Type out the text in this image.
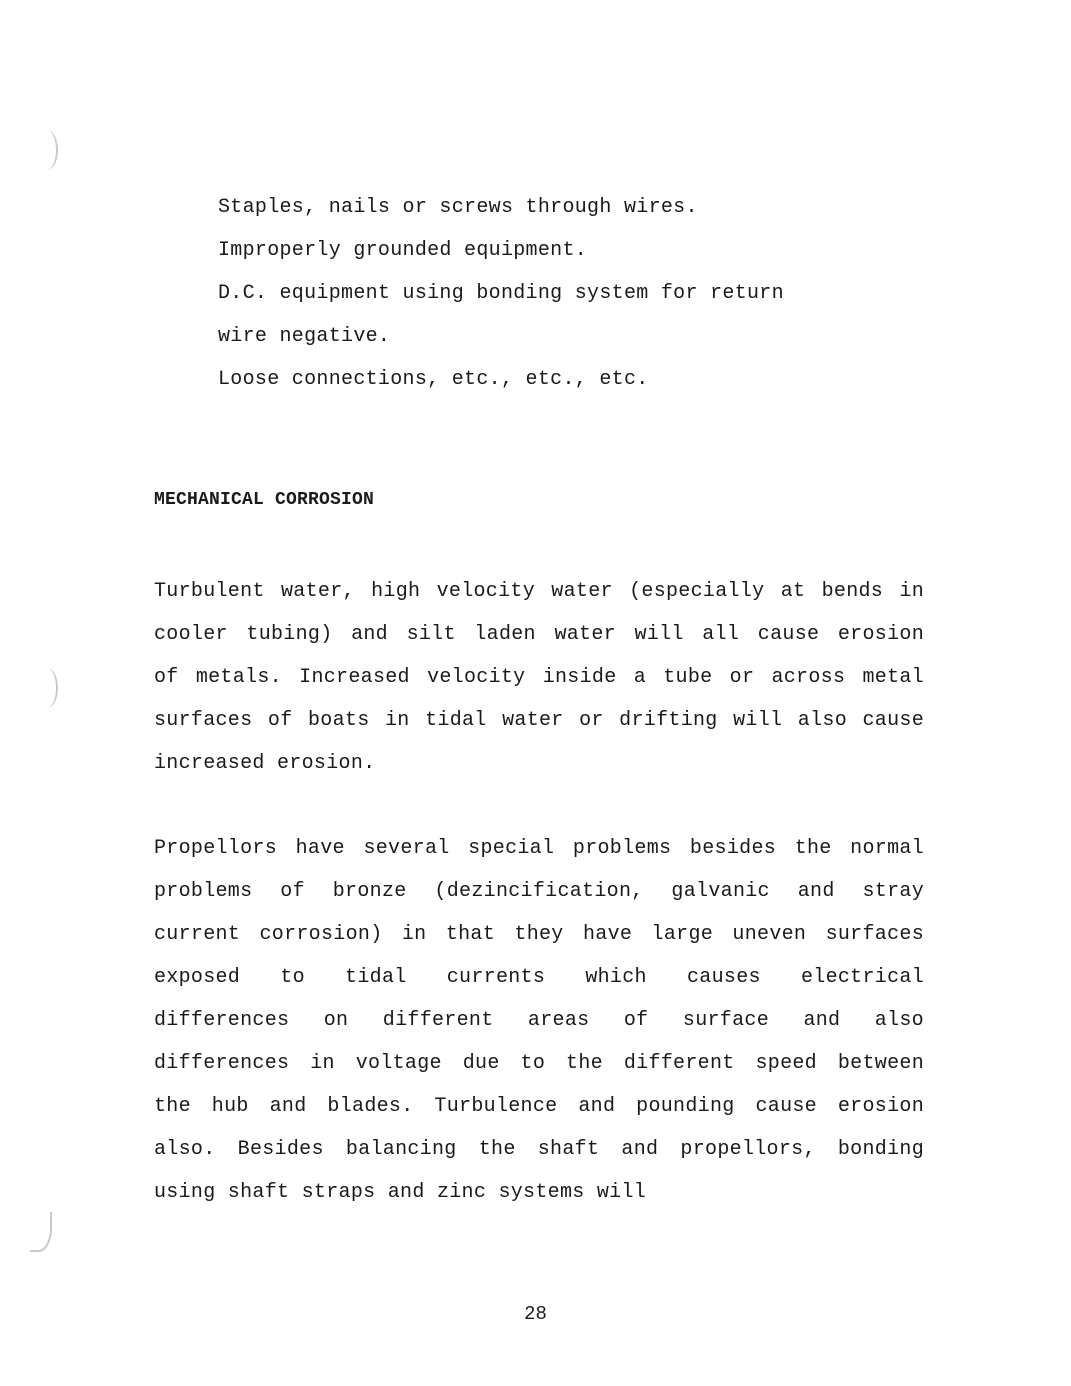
Staples, nails or screws through wires.
Improperly grounded equipment.
D.C. equipment using bonding system for return
wire negative.
Loose connections, etc., etc., etc.
MECHANICAL CORROSION
Turbulent water, high velocity water (especially at bends in
cooler tubing) and silt laden water will all cause erosion
of metals. Increased velocity inside a tube or across metal
surfaces of boats in tidal water or drifting will also cause
increased erosion.
Propellors have several special problems besides the normal
problems of bronze (dezincification, galvanic and stray
current corrosion) in that they have large uneven surfaces
exposed to tidal currents which causes electrical
differences on different areas of surface and also
differences in voltage due to the different speed between
the hub and blades. Turbulence and pounding cause erosion
also. Besides balancing the shaft and propellors, bonding
using shaft straps and zinc systems will
28
